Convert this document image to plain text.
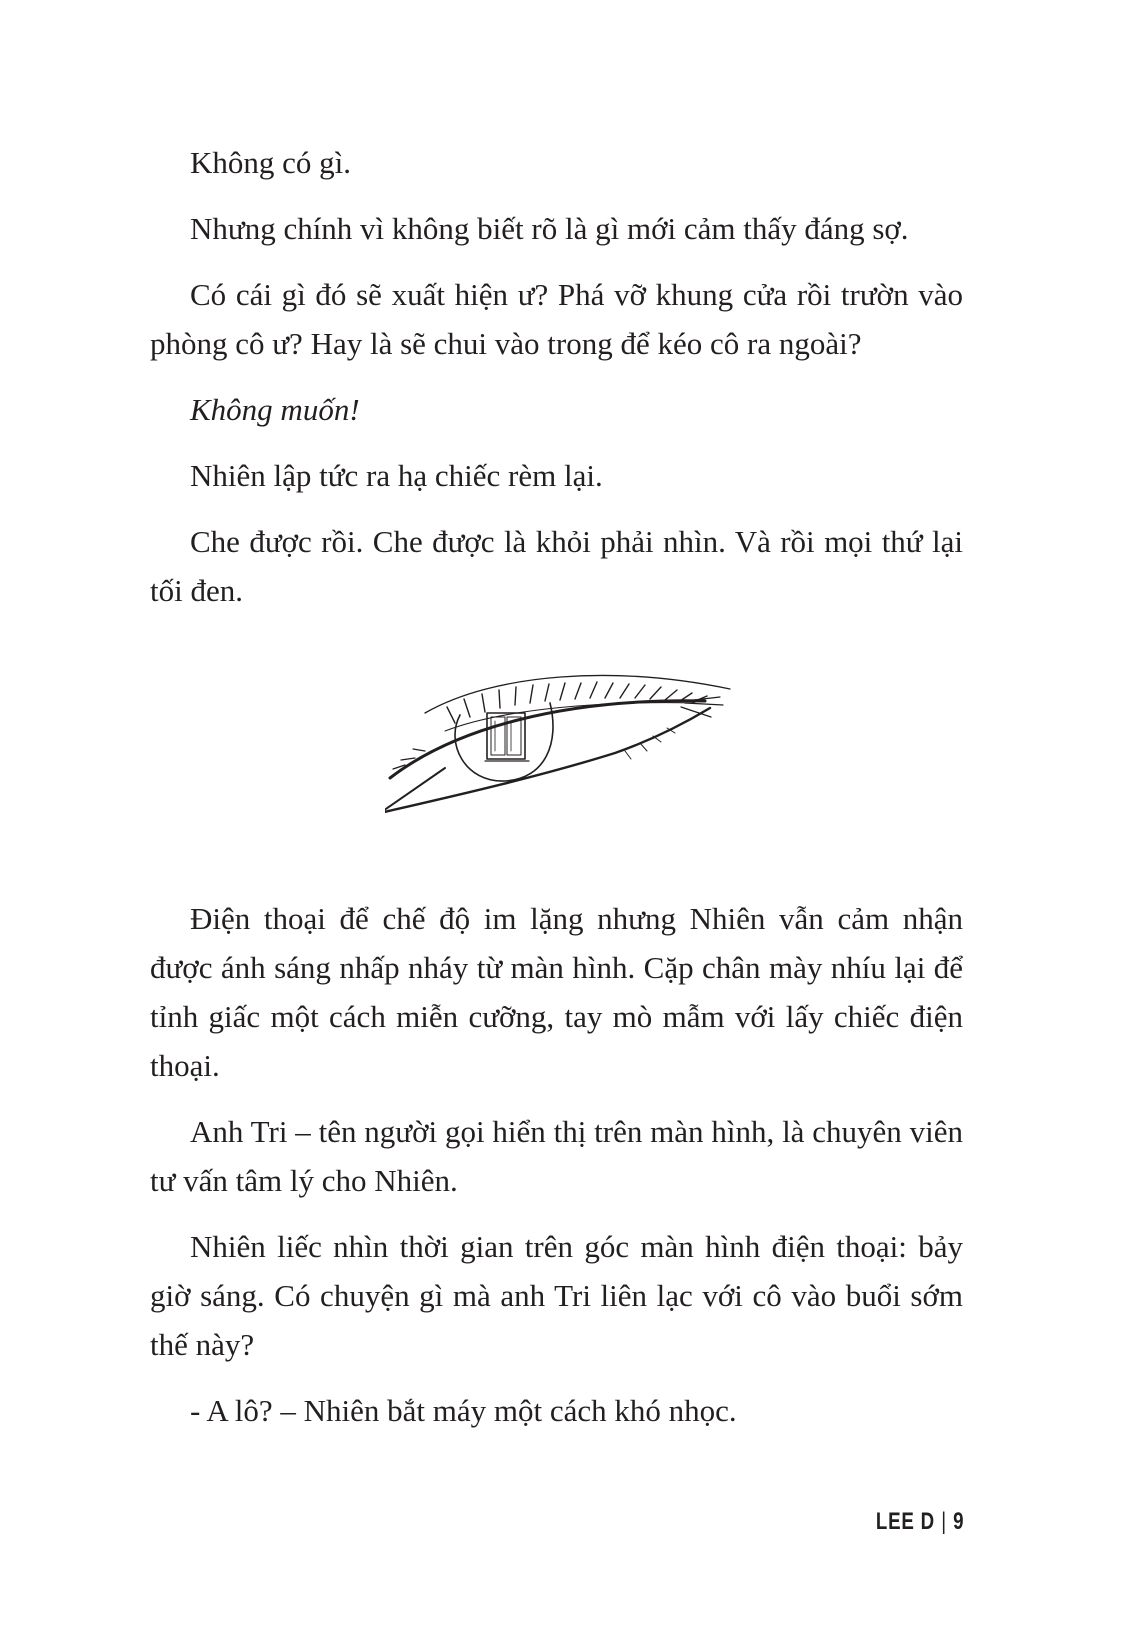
Không có gì.

Nhưng chính vì không biết rõ là gì mới cảm thấy đáng sợ.

Có cái gì đó sẽ xuất hiện ư? Phá vỡ khung cửa rồi trườn vào phòng cô ư? Hay là sẽ chui vào trong để kéo cô ra ngoài?

Không muốn!

Nhiên lập tức ra hạ chiếc rèm lại.

Che được rồi. Che được là khỏi phải nhìn. Và rồi mọi thứ lại tối đen.

Điện thoại để chế độ im lặng nhưng Nhiên vẫn cảm nhận được ánh sáng nhấp nháy từ màn hình. Cặp chân mày nhíu lại để tỉnh giấc một cách miễn cưỡng, tay mò mẫm với lấy chiếc điện thoại.

Anh Tri – tên người gọi hiển thị trên màn hình, là chuyên viên tư vấn tâm lý cho Nhiên.

Nhiên liếc nhìn thời gian trên góc màn hình điện thoại: bảy giờ sáng. Có chuyện gì mà anh Tri liên lạc với cô vào buổi sớm thế này?

- A lô? – Nhiên bắt máy một cách khó nhọc.

LEE D | 9
